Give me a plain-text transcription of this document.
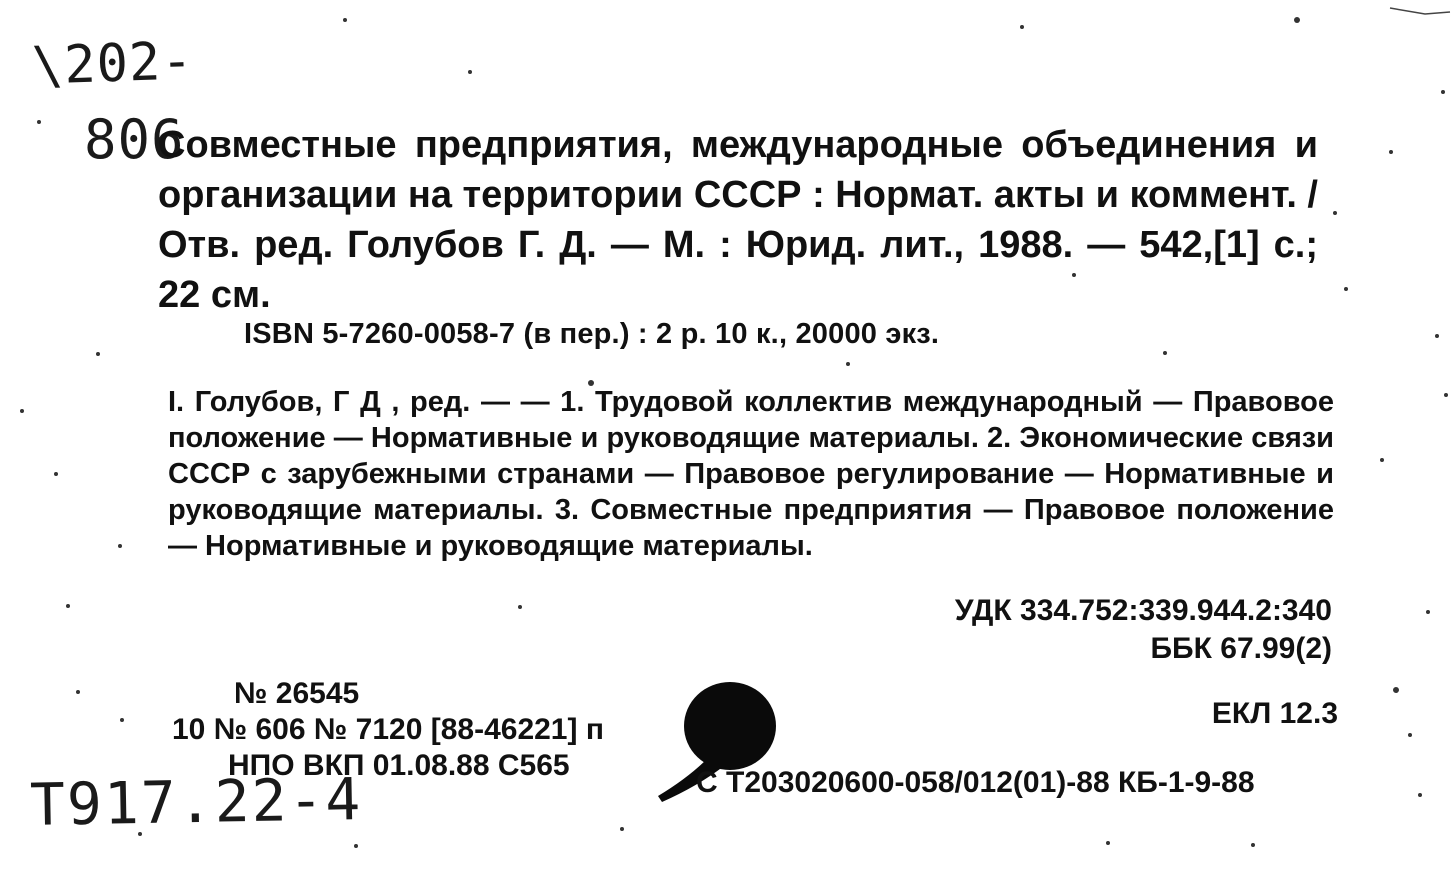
\202-
806
Совместные предприятия, международные объединения и организации на территории СССР : Нормат. акты и коммент. / Отв. ред. Голубов Г. Д. — М. : Юрид. лит., 1988. — 542,[1] с.; 22 см.
ISBN 5-7260-0058-7 (в пер.) : 2 р. 10 к., 20000 экз.
I. Голубов, Г Д , ред. — — 1. Трудовой коллектив международный — Правовое положение — Нормативные и руководящие материалы. 2. Экономические связи СССР с зарубежными странами — Правовое регулирование — Нормативные и руководящие материалы. 3. Совместные предприятия — Правовое положение — Нормативные и руководящие материалы.
УДК 334.752:339.944.2:340
ББК 67.99(2)
№ 26545
10 № 606 № 7120 [88-46221] п
НПО ВКП 01.08.88 С565
ЕКЛ 12.3
С Т203020600-058/012(01)-88 КБ-1-9-88
T917.22-4
